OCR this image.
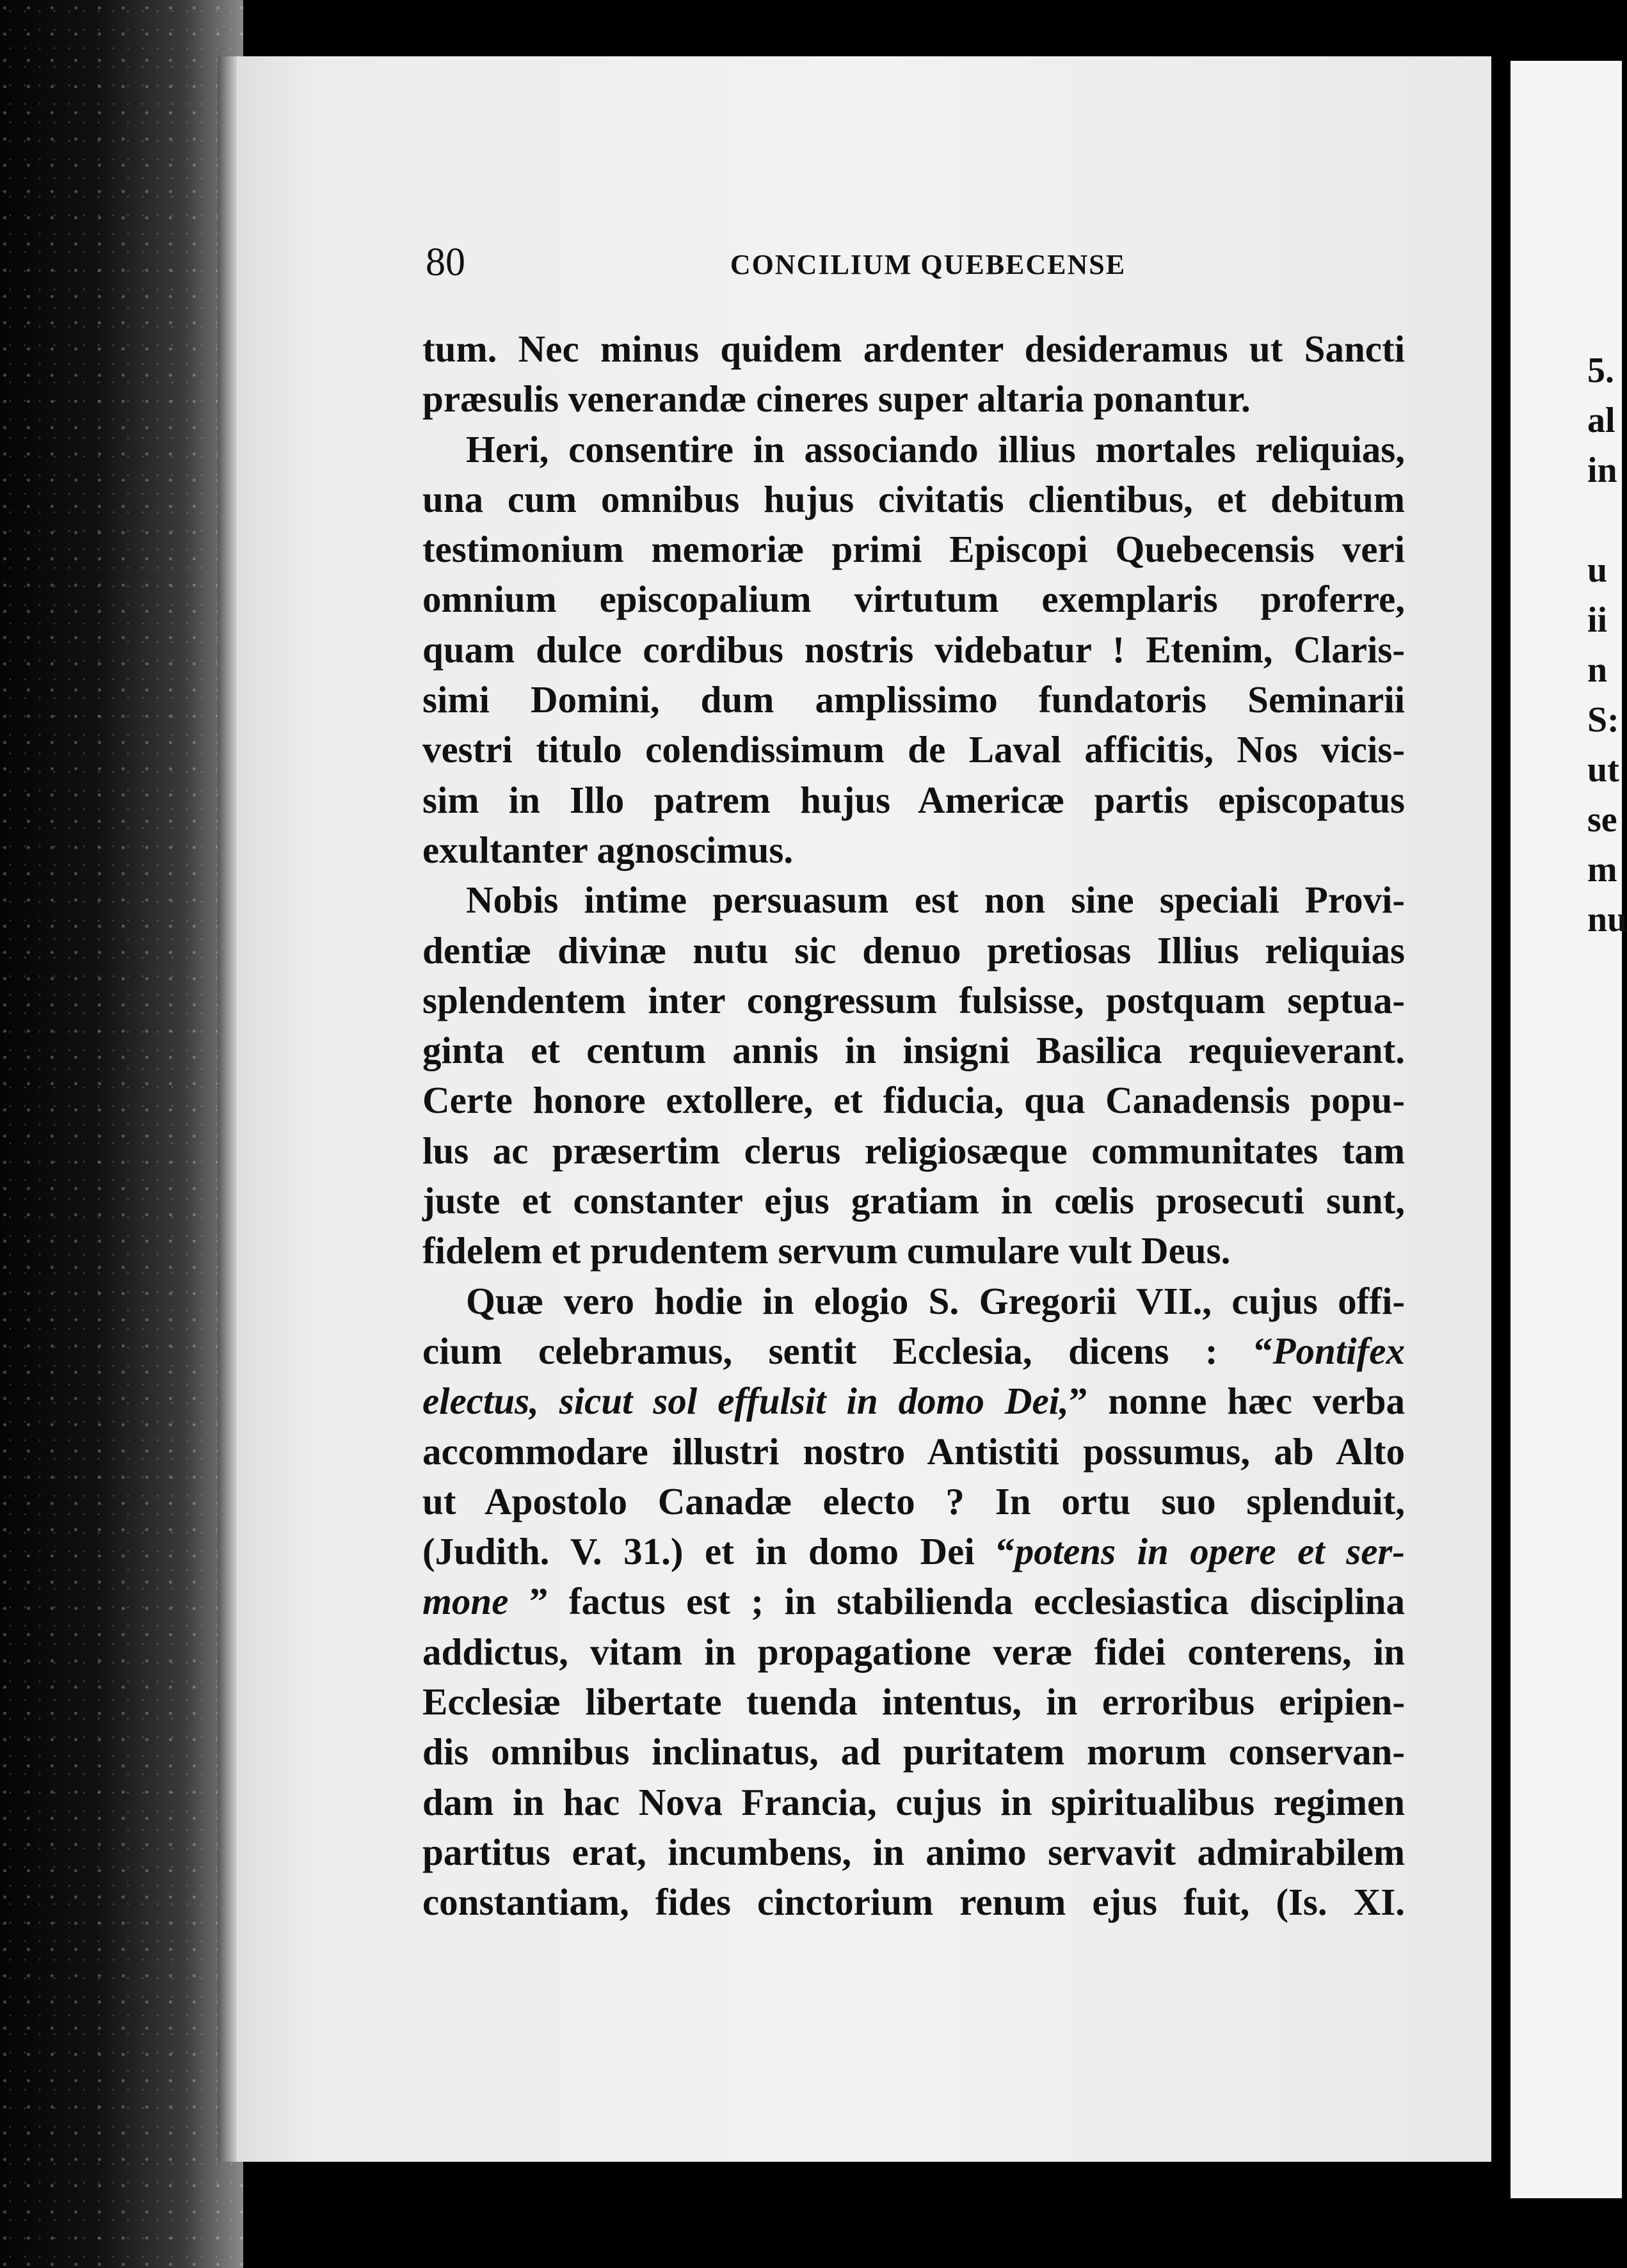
80	CONCILIUM QUEBECENSE

tum. Nec minus quidem ardenter desideramus ut Sancti
præsulis venerandæ cineres super altaria ponantur.

Heri, consentire in associando illius mortales reliquias,
una cum omnibus hujus civitatis clientibus, et debitum
testimonium memoriæ primi Episcopi Quebecensis veri
omnium episcopalium virtutum exemplaris proferre,
quam dulce cordibus nostris videbatur ! Etenim, Claris-
simi Domini, dum amplissimo fundatoris Seminarii
vestri titulo colendissimum de Laval afficitis, Nos vicis-
sim in Illo patrem hujus Americæ partis episcopatus
exultanter agnoscimus.

Nobis intime persuasum est non sine speciali Provi-
dentiæ divinæ nutu sic denuo pretiosas Illius reliquias
splendentem inter congressum fulsisse, postquam septua-
ginta et centum annis in insigni Basilica requieverant.
Certe honore extollere, et fiducia, qua Canadensis popu-
lus ac præsertim clerus religiosæque communitates tam
juste et constanter ejus gratiam in cœlis prosecuti sunt,
fidelem et prudentem servum cumulare vult Deus.

Quæ vero hodie in elogio S. Gregorii VII., cujus offi-
cium celebramus, sentit Ecclesia, dicens : “Pontifex
electus, sicut sol effulsit in domo Dei,” nonne hæc verba
accommodare illustri nostro Antistiti possumus, ab Alto
ut Apostolo Canadæ electo ? In ortu suo splenduit,
(Judith. V. 31.) et in domo Dei “potens in opere et ser-
mone ” factus est ; in stabilienda ecclesiastica disciplina
addictus, vitam in propagatione veræ fidei conterens, in
Ecclesiæ libertate tuenda intentus, in erroribus eripien-
dis omnibus inclinatus, ad puritatem morum conservan-
dam in hac Nova Francia, cujus in spiritualibus regimen
partitus erat, incumbens, in animo servavit admirabilem
constantiam, fides cinctorium renum ejus fuit, (Is. XI.

5.
al
in
u
ii
n
S:
ut
se
m
nu
